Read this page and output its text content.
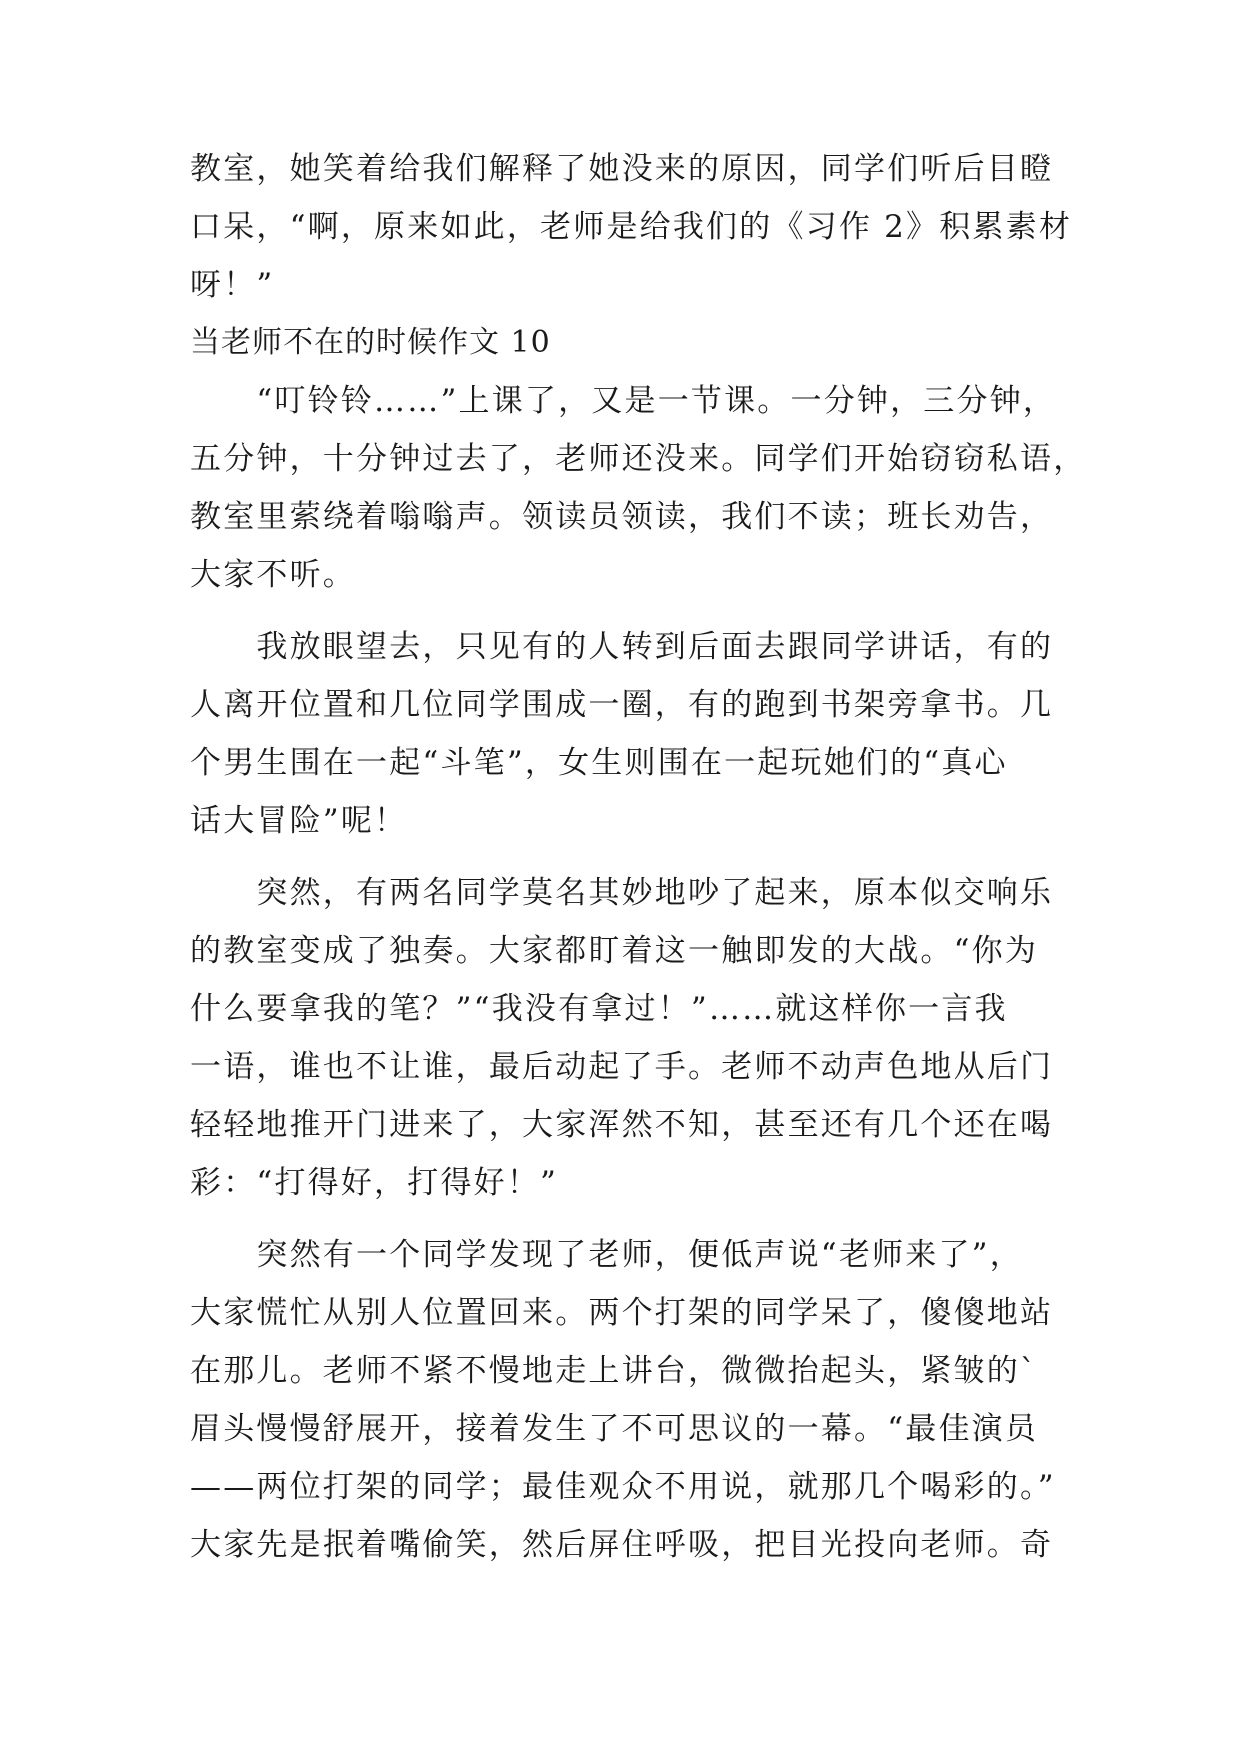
教室，她笑着给我们解释了她没来的原因，同学们听后目瞪
口呆，“啊，原来如此，老师是给我们的《习作 2》积累素材
呀！”
当老师不在的时候作文 10
　　“叮铃铃……”上课了，又是一节课。一分钟，三分钟，
五分钟，十分钟过去了，老师还没来。同学们开始窃窃私语，
教室里萦绕着嗡嗡声。领读员领读，我们不读；班长劝告，
大家不听。
　　我放眼望去，只见有的人转到后面去跟同学讲话，有的
人离开位置和几位同学围成一圈，有的跑到书架旁拿书。几
个男生围在一起“斗笔”，女生则围在一起玩她们的“真心
话大冒险”呢！
　　突然，有两名同学莫名其妙地吵了起来，原本似交响乐
的教室变成了独奏。大家都盯着这一触即发的大战。“你为
什么要拿我的笔？”“我没有拿过！”……就这样你一言我
一语，谁也不让谁，最后动起了手。老师不动声色地从后门
轻轻地推开门进来了，大家浑然不知，甚至还有几个还在喝
彩：“打得好，打得好！”
　　突然有一个同学发现了老师，便低声说“老师来了”，
大家慌忙从别人位置回来。两个打架的同学呆了，傻傻地站
在那儿。老师不紧不慢地走上讲台，微微抬起头，紧皱的`
眉头慢慢舒展开，接着发生了不可思议的一幕。“最佳演员
——两位打架的同学；最佳观众不用说，就那几个喝彩的。”
大家先是抿着嘴偷笑，然后屏住呼吸，把目光投向老师。奇
